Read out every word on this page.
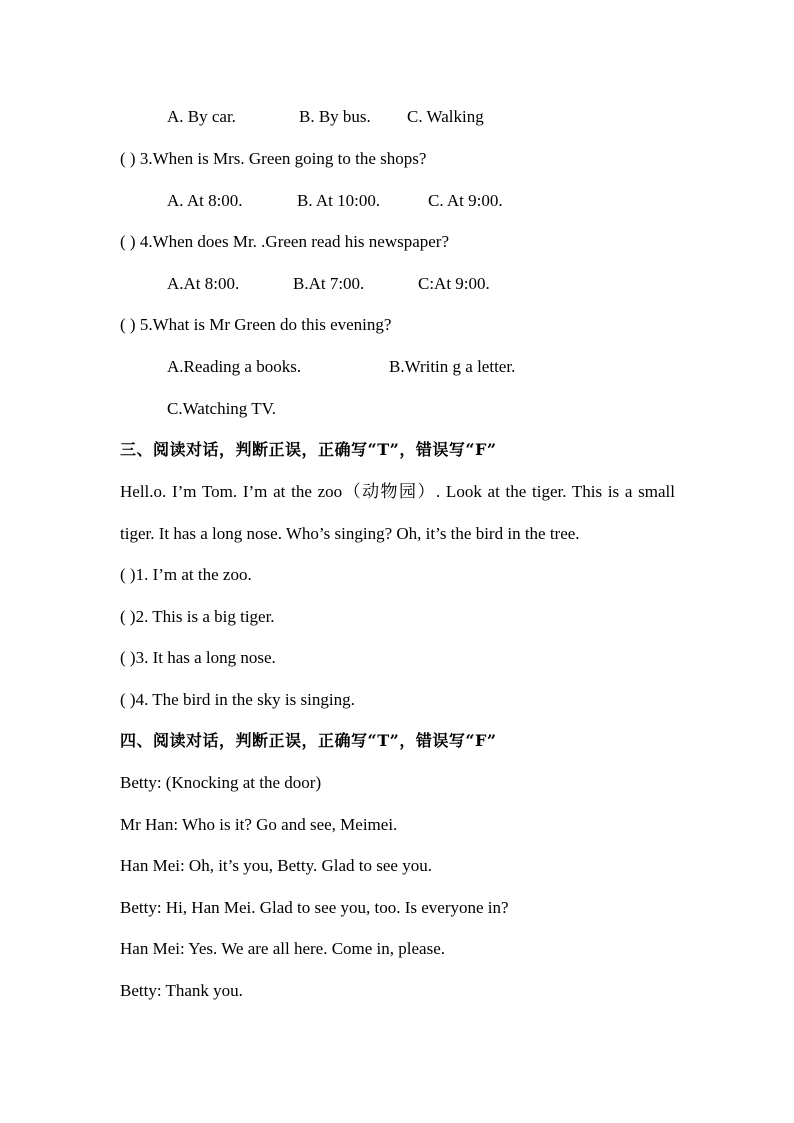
A. By car.	B. By bus. C. Walking
( ) 3.When is Mrs. Green going to the shops?
A. At 8:00.	B. At 10:00.	C. At 9:00.
( ) 4.When does Mr. .Green read his newspaper?
A.At 8:00.	B.At 7:00.	C:At 9:00.
( ) 5.What is Mr Green do this evening?
A.Reading a books.	B.Writin g a letter.
C.Watching TV.
三、阅读对话，判断正误，正确写“T”，错误写“F”
Hell.o. I’m Tom. I’m at the zoo（动物园）. Look at the tiger. This is a small tiger. It has a long nose. Who’s singing? Oh, it’s the bird in the tree.
( )1. I’m at the zoo.
( )2. This is a big tiger.
( )3. It has a long nose.
( )4. The bird in the sky is singing.
四、阅读对话，判断正误，正确写“T”，错误写“F”
Betty: (Knocking at the door)
Mr Han: Who is it? Go and see, Meimei.
Han Mei: Oh, it’s you, Betty. Glad to see you.
Betty: Hi, Han Mei. Glad to see you, too. Is everyone in?
Han Mei: Yes. We are all here. Come in, please.
Betty: Thank you.
